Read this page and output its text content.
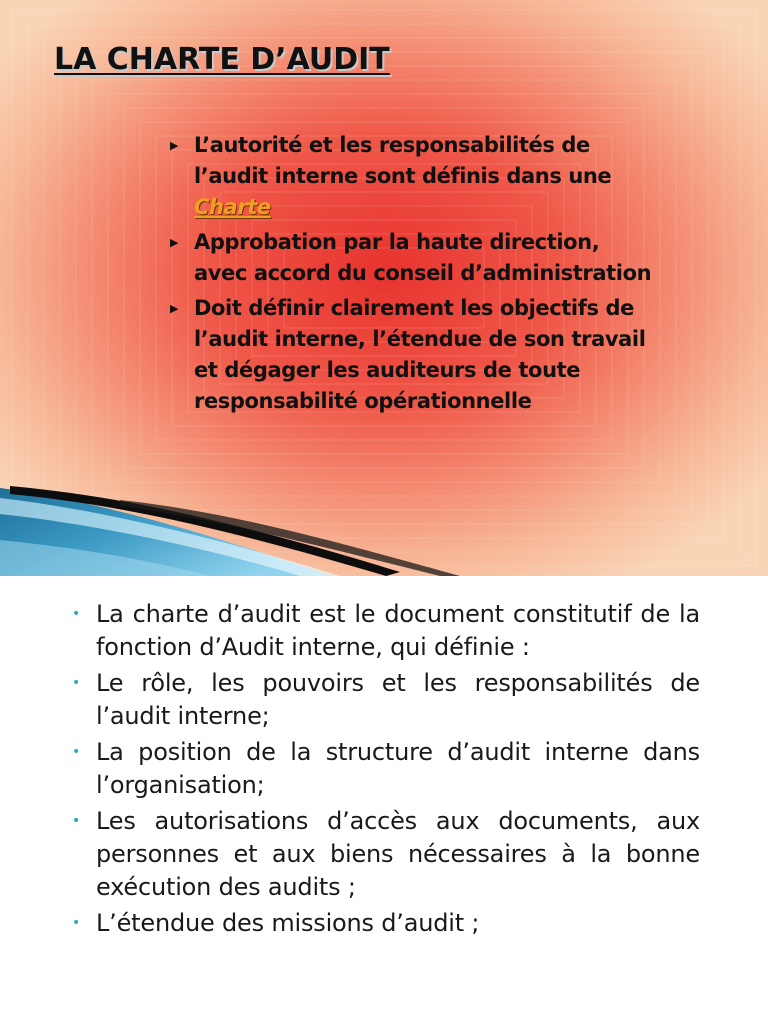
LA CHARTE D’AUDIT
▶ L’autorité et les responsabilités de
l’audit interne sont définis dans une
Charte
▶ Approbation par la haute direction,
avec accord du conseil d’administration
▶ Doit définir clairement les objectifs de
l’audit interne, l’étendue de son travail
et dégager les auditeurs de toute
responsabilité opérationnelle
1
• La charte d’audit est le document constitutif de la fonction d’Audit interne, qui définie :
• Le rôle, les pouvoirs et les responsabilités de l’audit interne;
• La position de la structure d’audit interne dans l’organisation;
• Les autorisations d’accès aux documents, aux personnes et aux biens nécessaires à la bonne exécution des audits ;
• L’étendue des missions d’audit ;
